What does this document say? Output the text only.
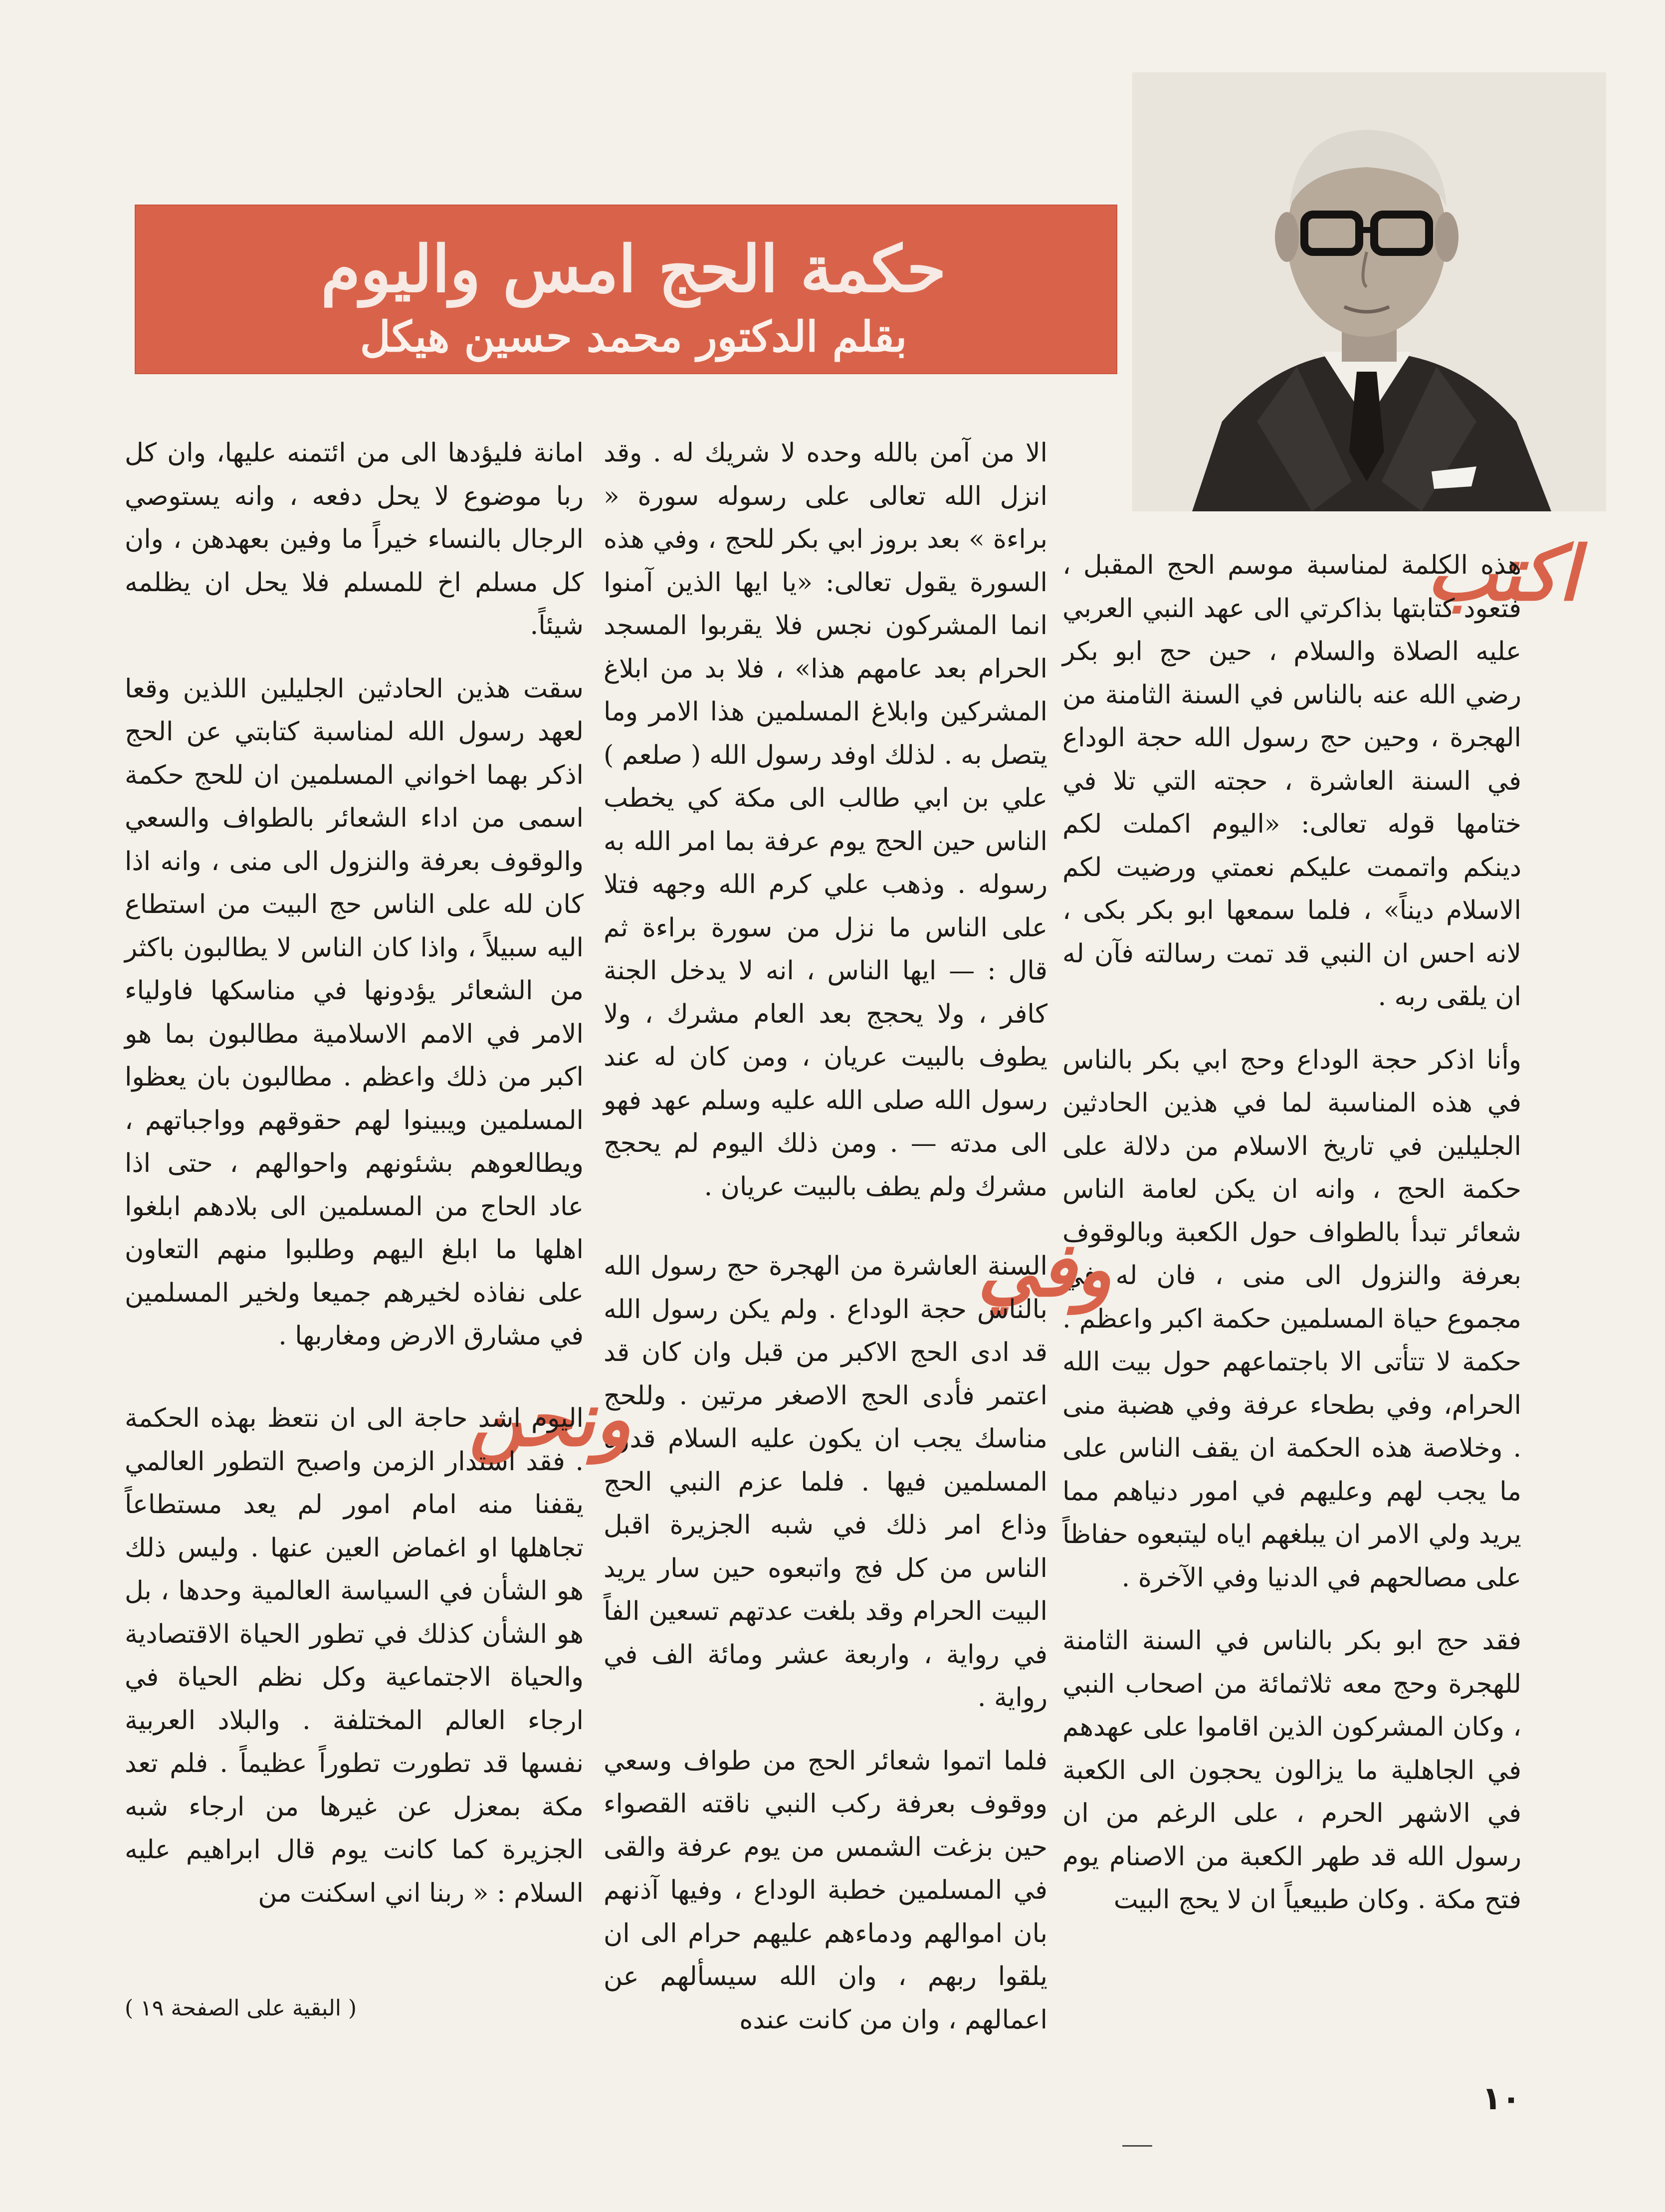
حكمة الحج امس واليوم
بقلم الدكتور محمد حسين هيكل
اكتب

هذه الكلمة لمناسبة موسم الحج المقبل ، فتعود كتابتها بذاكرتي الى عهد النبي العربي عليه الصلاة والسلام ، حين حج ابو بكر رضي الله عنه بالناس في السنة الثامنة من الهجرة ، وحين حج رسول الله حجة الوداع في السنة العاشرة ، حجته التي تلا في ختامها قوله تعالى: «اليوم اكملت لكم دينكم واتممت عليكم نعمتي ورضيت لكم الاسلام ديناً» ، فلما سمعها ابو بكر بكى ، لانه احس ان النبي قد تمت رسالته فآن له ان يلقى ربه .

وأنا اذكر حجة الوداع وحج ابي بكر بالناس في هذه المناسبة لما في هذين الحادثين الجليلين في تاريخ الاسلام من دلالة على حكمة الحج ، وانه ان يكن لعامة الناس شعائر تبدأ بالطواف حول الكعبة وبالوقوف بعرفة والنزول الى منى ، فان له في مجموع حياة المسلمين حكمة اكبر واعظم . حكمة لا تتأتى الا باجتماعهم حول بيت الله الحرام، وفي بطحاء عرفة وفي هضبة منى . وخلاصة هذه الحكمة ان يقف الناس على ما يجب لهم وعليهم في امور دنياهم مما يريد ولي الامر ان يبلغهم اياه ليتبعوه حفاظاً على مصالحهم في الدنيا وفي الآخرة .

فقد حج ابو بكر بالناس في السنة الثامنة للهجرة وحج معه ثلاثمائة من اصحاب النبي ، وكان المشركون الذين اقاموا على عهدهم في الجاهلية ما يزالون يحجون الى الكعبة في الاشهر الحرم ، على الرغم من ان رسول الله قد طهر الكعبة من الاصنام يوم فتح مكة . وكان طبيعياً ان لا يحج البيت

الا من آمن بالله وحده لا شريك له . وقد انزل الله تعالى على رسوله سورة « براءة » بعد بروز ابي بكر للحج ، وفي هذه السورة يقول تعالى: «يا ايها الذين آمنوا انما المشركون نجس فلا يقربوا المسجد الحرام بعد عامهم هذا» ، فلا بد من ابلاغ المشركين وابلاغ المسلمين هذا الامر وما يتصل به . لذلك اوفد رسول الله ( صلعم ) علي بن ابي طالب الى مكة كي يخطب الناس حين الحج يوم عرفة بما امر الله به رسوله . وذهب علي كرم الله وجهه فتلا على الناس ما نزل من سورة براءة ثم قال : — ايها الناس ، انه لا يدخل الجنة كافر ، ولا يحجج بعد العام مشرك ، ولا يطوف بالبيت عريان ، ومن كان له عند رسول الله صلى الله عليه وسلم عهد فهو الى مدته — . ومن ذلك اليوم لم يحجج مشرك ولم يطف بالبيت عريان .

وفي

السنة العاشرة من الهجرة حج رسول الله بالناس حجة الوداع . ولم يكن رسول الله قد ادى الحج الاكبر من قبل وان كان قد اعتمر فأدى الحج الاصغر مرتين . وللحج مناسك يجب ان يكون عليه السلام قدوة المسلمين فيها . فلما عزم النبي الحج وذاع امر ذلك في شبه الجزيرة اقبل الناس من كل فج واتبعوه حين سار يريد البيت الحرام وقد بلغت عدتهم تسعين الفاً في رواية ، واربعة عشر ومائة الف في رواية .

فلما اتموا شعائر الحج من طواف وسعي ووقوف بعرفة ركب النبي ناقته القصواء حين بزغت الشمس من يوم عرفة والقى في المسلمين خطبة الوداع ، وفيها آذنهم بان اموالهم ودماءهم عليهم حرام الى ان يلقوا ربهم ، وان الله سيسألهم عن اعمالهم ، وان من كانت عنده

امانة فليؤدها الى من ائتمنه عليها، وان كل ربا موضوع لا يحل دفعه ، وانه يستوصي الرجال بالنساء خيراً ما وفين بعهدهن ، وان كل مسلم اخ للمسلم فلا يحل ان يظلمه شيئاً.

سقت هذين الحادثين الجليلين اللذين وقعا لعهد رسول الله لمناسبة كتابتي عن الحج اذكر بهما اخواني المسلمين ان للحج حكمة اسمى من اداء الشعائر بالطواف والسعي والوقوف بعرفة والنزول الى منى ، وانه اذا كان لله على الناس حج البيت من استطاع اليه سبيلاً ، واذا كان الناس لا يطالبون باكثر من الشعائر يؤدونها في مناسكها فاولياء الامر في الامم الاسلامية مطالبون بما هو اكبر من ذلك واعظم . مطالبون بان يعظوا المسلمين ويبينوا لهم حقوقهم وواجباتهم ، ويطالعوهم بشئونهم واحوالهم ، حتى اذا عاد الحاج من المسلمين الى بلادهم ابلغوا اهلها ما ابلغ اليهم وطلبوا منهم التعاون على نفاذه لخيرهم جميعا ولخير المسلمين في مشارق الارض ومغاربها .

ونحن

اليوم اشد حاجة الى ان نتعظ بهذه الحكمة . فقد استدار الزمن واصبح التطور العالمي يقفنا منه امام امور لم يعد مستطاعاً تجاهلها او اغماض العين عنها . وليس ذلك هو الشأن في السياسة العالمية وحدها ، بل هو الشأن كذلك في تطور الحياة الاقتصادية والحياة الاجتماعية وكل نظم الحياة في ارجاء العالم المختلفة . والبلاد العربية نفسها قد تطورت تطوراً عظيماً . فلم تعد مكة بمعزل عن غيرها من ارجاء شبه الجزيرة كما كانت يوم قال ابراهيم عليه السلام : « ربنا اني اسكنت من

( البقية على الصفحة ١٩ )
١٠
